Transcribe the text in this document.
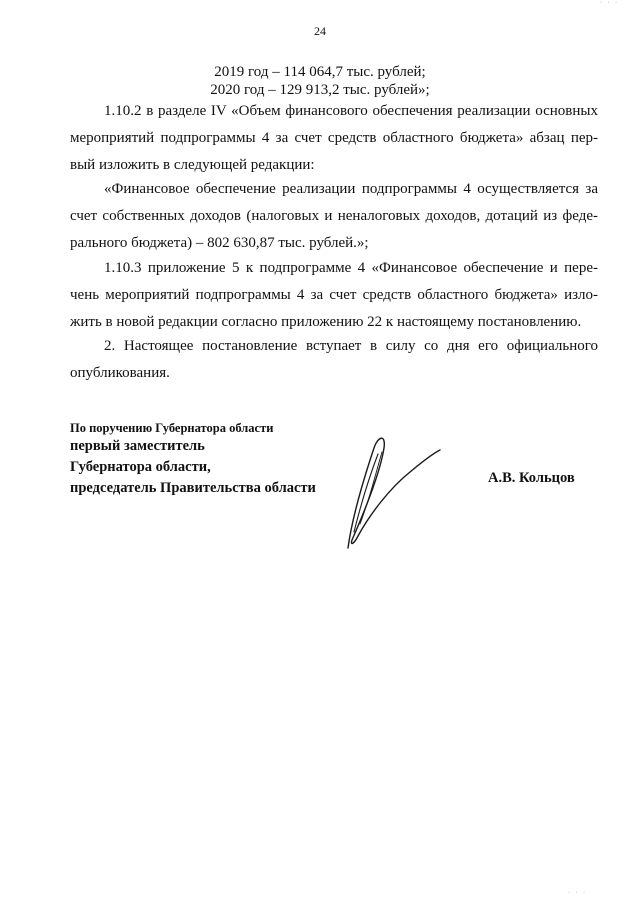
24
· · ·
2019 год – 114 064,7 тыс. рублей;
2020 год – 129 913,2 тыс. рублей»;

1.10.2 в разделе IV «Объем финансового обеспечения реализации основных
мероприятий подпрограммы 4 за счет средств областного бюджета» абзац пер-
вый изложить в следующей редакции:

«Финансовое обеспечение реализации подпрограммы 4 осуществляется за
счет собственных доходов (налоговых и неналоговых доходов, дотаций из феде-
рального бюджета) – 802 630,87 тыс. рублей.»;

1.10.3 приложение 5 к подпрограмме 4 «Финансовое обеспечение и пере-
чень мероприятий подпрограммы 4 за счет средств областного бюджета» изло-
жить в новой редакции согласно приложению 22 к настоящему постановлению.

2. Настоящее постановление вступает в силу со дня его официального
опубликования.

По поручению Губернатора области
первый заместитель
Губернатора области,
председатель Правительства области
А.В. Кольцов
· · ·
